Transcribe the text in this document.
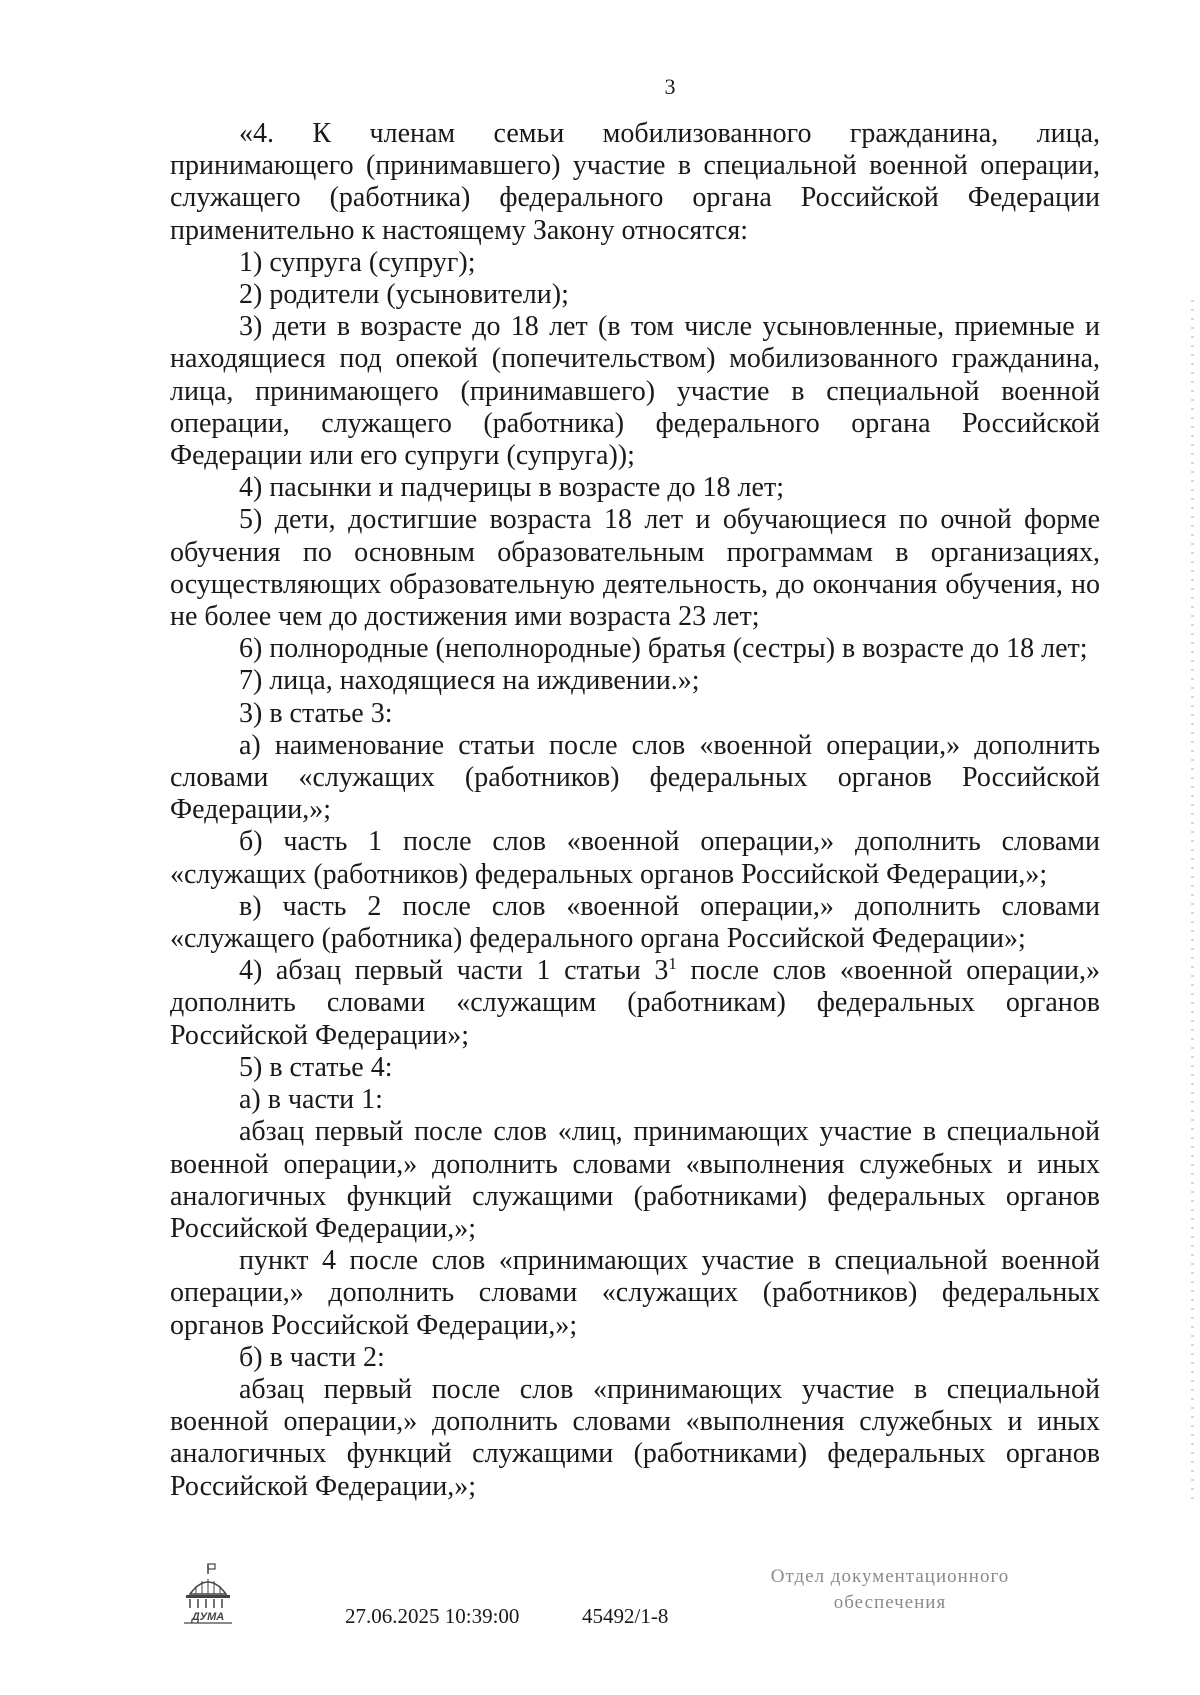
3

«4. К членам семьи мобилизованного гражданина, лица, принимающего (принимавшего) участие в специальной военной операции, служащего (работника) федерального органа Российской Федерации применительно к настоящему Закону относятся:

1) супруга (супруг);

2) родители (усыновители);

3) дети в возрасте до 18 лет (в том числе усыновленные, приемные и находящиеся под опекой (попечительством) мобилизованного гражданина, лица, принимающего (принимавшего) участие в специальной военной операции, служащего (работника) федерального органа Российской Федерации или его супруги (супруга));

4) пасынки и падчерицы в возрасте до 18 лет;

5) дети, достигшие возраста 18 лет и обучающиеся по очной форме обучения по основным образовательным программам в организациях, осуществляющих образовательную деятельность, до окончания обучения, но не более чем до достижения ими возраста 23 лет;

6) полнородные (неполнородные) братья (сестры) в возрасте до 18 лет;

7) лица, находящиеся на иждивении.»;

3) в статье 3:

а) наименование статьи после слов «военной операции,» дополнить словами «служащих (работников) федеральных органов Российской Федерации,»;

б) часть 1 после слов «военной операции,» дополнить словами «служащих (работников) федеральных органов Российской Федерации,»;

в) часть 2 после слов «военной операции,» дополнить словами «служащего (работника) федерального органа Российской Федерации»;

4) абзац первый части 1 статьи $3^1$ после слов «военной операции,» дополнить словами «служащим (работникам) федеральных органов Российской Федерации»;

5) в статье 4:

а) в части 1:

абзац первый после слов «лиц, принимающих участие в специальной военной операции,» дополнить словами «выполнения служебных и иных аналогичных функций служащими (работниками) федеральных органов Российской Федерации,»;

пункт 4 после слов «принимающих участие в специальной военной операции,» дополнить словами «служащих (работников) федеральных органов Российской Федерации,»;

б) в части 2:

абзац первый после слов «принимающих участие в специальной военной операции,» дополнить словами «выполнения служебных и иных аналогичных функций служащими (работниками) федеральных органов Российской Федерации,»;

ДУМА	27.06.2025 10:39:00	45492/1-8
Отдел документационного
обеспечения
